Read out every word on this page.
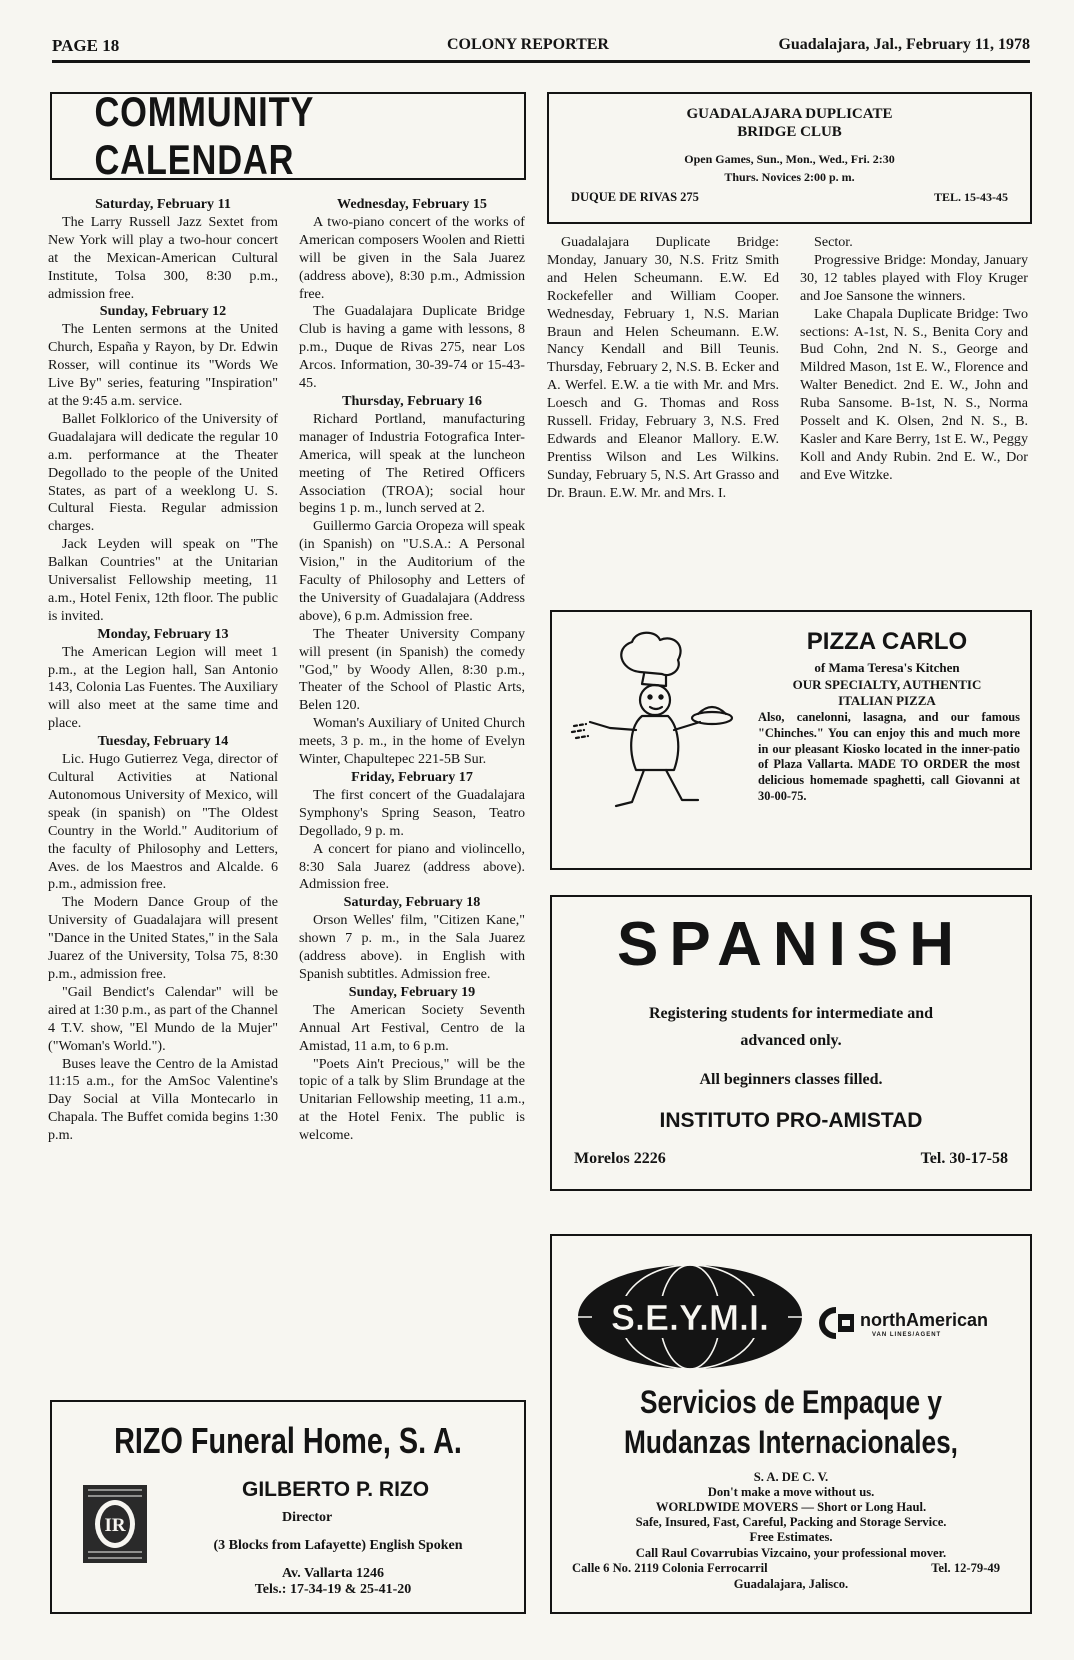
PAGE 18	COLONY REPORTER	Guadalajara, Jal., February 11, 1978
COMMUNITY CALENDAR

Saturday, February 11

The Larry Russell Jazz Sextet from New York will play a two-hour concert at the Mexican-American Cultural Institute, Tolsa 300, 8:30 p.m., admission free.

Sunday, February 12

The Lenten sermons at the United Church, España y Rayon, by Dr. Edwin Rosser, will continue its "Words We Live By" series, featuring "Inspiration" at the 9:45 a.m. service.

Ballet Folklorico of the University of Guadalajara will dedicate the regular 10 a.m. performance at the Theater Degollado to the people of the United States, as part of a weeklong U. S. Cultural Fiesta. Regular admission charges.

Jack Leyden will speak on "The Balkan Countries" at the Unitarian Universalist Fellowship meeting, 11 a.m., Hotel Fenix, 12th floor. The public is invited.

Monday, February 13

The American Legion will meet 1 p.m., at the Legion hall, San Antonio 143, Colonia Las Fuentes. The Auxiliary will also meet at the same time and place.

Tuesday, February 14

Lic. Hugo Gutierrez Vega, director of Cultural Activities at National Autonomous University of Mexico, will speak (in spanish) on "The Oldest Country in the World." Auditorium of the faculty of Philosophy and Letters, Aves. de los Maestros and Alcalde. 6 p.m., admission free.

The Modern Dance Group of the University of Guadalajara will present "Dance in the United States," in the Sala Juarez of the University, Tolsa 75, 8:30 p.m., admission free.

"Gail Bendict's Calendar" will be aired at 1:30 p.m., as part of the Channel 4 T.V. show, "El Mundo de la Mujer" ("Woman's World.").

Buses leave the Centro de la Amistad 11:15 a.m., for the AmSoc Valentine's Day Social at Villa Montecarlo in Chapala. The Buffet comida begins 1:30 p.m.

Wednesday, February 15

A two-piano concert of the works of American composers Woolen and Rietti will be given in the Sala Juarez (address above), 8:30 p.m., Admission free.

The Guadalajara Duplicate Bridge Club is having a game with lessons, 8 p.m., Duque de Rivas 275, near Los Arcos. Information, 30-39-74 or 15-43-45.

Thursday, February 16

Richard Portland, manufacturing manager of Industria Fotografica Inter-America, will speak at the luncheon meeting of The Retired Officers Association (TROA); social hour begins 1 p. m., lunch served at 2.

Guillermo Garcia Oropeza will speak (in Spanish) on "U.S.A.: A Personal Vision," in the Auditorium of the Faculty of Philosophy and Letters of the University of Guadalajara (Address above), 6 p.m. Admission free.

The Theater University Company will present (in Spanish) the comedy "God," by Woody Allen, 8:30 p.m., Theater of the School of Plastic Arts, Belen 120.

Woman's Auxiliary of United Church meets, 3 p. m., in the home of Evelyn Winter, Chapultepec 221-5B Sur.

Friday, February 17

The first concert of the Guadalajara Symphony's Spring Season, Teatro Degollado, 9 p. m.

A concert for piano and violincello, 8:30 Sala Juarez (address above). Admission free.

Saturday, February 18

Orson Welles' film, "Citizen Kane," shown 7 p. m., in the Sala Juarez (address above). in English with Spanish subtitles. Admission free.

Sunday, February 19

The American Society Seventh Annual Art Festival, Centro de la Amistad, 11 a.m, to 6 p.m.

"Poets Ain't Precious," will be the topic of a talk by Slim Brundage at the Unitarian Fellowship meeting, 11 a.m., at the Hotel Fenix. The public is welcome.

GUADALAJARA DUPLICATE
BRIDGE CLUB
Open Games, Sun., Mon., Wed., Fri. 2:30
Thurs. Novices 2:00 p. m.
DUQUE DE RIVAS 275	TEL. 15-43-45

Guadalajara Duplicate Bridge: Monday, January 30, N.S. Fritz Smith and Helen Scheumann. E.W. Ed Rockefeller and William Cooper. Wednesday, February 1, N.S. Marian Braun and Helen Scheumann. E.W. Nancy Kendall and Bill Teunis. Thursday, February 2, N.S. B. Ecker and A. Werfel. E.W. a tie with Mr. and Mrs. Loesch and G. Thomas and Ross Russell. Friday, February 3, N.S. Fred Edwards and Eleanor Mallory. E.W. Prentiss Wilson and Les Wilkins. Sunday, February 5, N.S. Art Grasso and Dr. Braun. E.W. Mr. and Mrs. I.

Sector.

Progressive Bridge: Monday, January 30, 12 tables played with Floy Kruger and Joe Sansone the winners.

Lake Chapala Duplicate Bridge: Two sections: A-1st, N. S., Benita Cory and Bud Cohn, 2nd N. S., George and Mildred Mason, 1st E. W., Florence and Walter Benedict. 2nd E. W., John and Ruba Sansome. B-1st, N. S., Norma Posselt and K. Olsen, 2nd N. S., B. Kasler and Kare Berry, 1st E. W., Peggy Koll and Andy Rubin. 2nd E. W., Dor and Eve Witzke.

PIZZA CARLO
of Mama Teresa's Kitchen
OUR SPECIALTY, AUTHENTIC
ITALIAN PIZZA
Also, canelonni, lasagna, and our famous "Chinches." You can enjoy this and much more in our pleasant Kiosko located in the inner-patio of Plaza Vallarta. MADE TO ORDER the most delicious homemade spaghetti, call Giovanni at 30-00-75.
SPANISH
Registering students for intermediate and
advanced only.
All beginners classes filled.
INSTITUTO PRO-AMISTAD
Morelos 2226	Tel. 30-17-58
RIZO Funeral Home, S. A.
IR
GILBERTO P. RIZO
Director
(3 Blocks from Lafayette) English Spoken
Av. Vallarta 1246
Tels.: 17-34-19 & 25-41-20
S.E.Y.M.I.	northAmerican
VAN LINES/AGENT
Servicios de Empaque y
Mudanzas Internacionales,
S. A. DE C. V.
Don't make a move without us.
WORLDWIDE MOVERS — Short or Long Haul.
Safe, Insured, Fast, Careful, Packing and Storage Service.
Free Estimates.
Call Raul Covarrubias Vizcaino, your professional mover.
Calle 6 No. 2119 Colonia Ferrocarril	Tel. 12-79-49
Guadalajara, Jalisco.
